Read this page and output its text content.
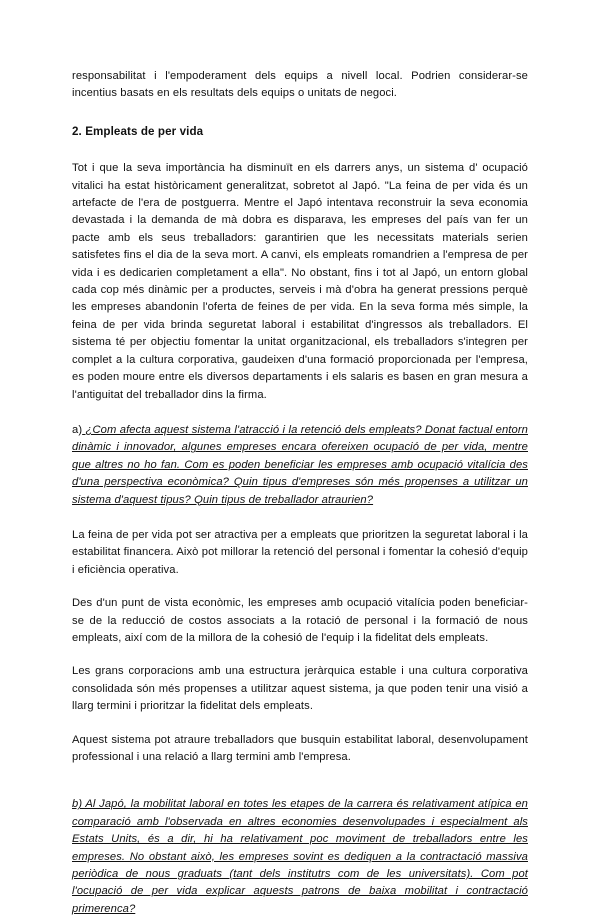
responsabilitat i l'empoderament dels equips a nivell local. Podrien considerar-se incentius basats en els resultats dels equips o unitats de negoci.

2. Empleats de per vida

Tot i que la seva importància ha disminuït en els darrers anys, un sistema d' ocupació vitalici ha estat històricament generalitzat, sobretot al Japó. "La feina de per vida és un artefacte de l'era de postguerra. Mentre el Japó intentava reconstruir la seva economia devastada i la demanda de mà dobra es disparava, les empreses del país van fer un pacte amb els seus treballadors: garantirien que les necessitats materials serien satisfetes fins el dia de la seva mort. A canvi, els empleats romandrien a l'empresa de per vida i es dedicarien completament a ella". No obstant, fins i tot al Japó, un entorn global cada cop més dinàmic per a productes, serveis i mà d'obra ha generat pressions perquè les empreses abandonin l'oferta de feines de per vida. En la seva forma més simple, la feina de per vida brinda seguretat laboral i estabilitat d'ingressos als treballadors. El sistema té per objectiu fomentar la unitat organitzacional, els treballadors s'integren per complet a la cultura corporativa, gaudeixen d'una formació proporcionada per l'empresa, es poden moure entre els diversos departaments i els salaris es basen en gran mesura a l'antiguitat del treballador dins la firma.

a) ¿Com afecta aquest sistema l'atracció i la retenció dels empleats? Donat factual entorn dinàmic i innovador, algunes empreses encara ofereixen ocupació de per vida, mentre que altres no ho fan. Com es poden beneficiar les empreses amb ocupació vitalícia des d'una perspectiva econòmica? Quin tipus d'empreses són més propenses a utilitzar un sistema d'aquest tipus? Quin tipus de treballador atraurien?

La feina de per vida pot ser atractiva per a empleats que prioritzen la seguretat laboral i la estabilitat financera. Això pot millorar la retenció del personal i fomentar la cohesió d'equip i eficiència operativa.

Des d'un punt de vista econòmic, les empreses amb ocupació vitalícia poden beneficiar-se de la reducció de costos associats a la rotació de personal i la formació de nous empleats, així com de la millora de la cohesió de l'equip i la fidelitat dels empleats.

Les grans corporacions amb una estructura jeràrquica estable i una cultura corporativa consolidada són més propenses a utilitzar aquest sistema, ja que poden tenir una visió a llarg termini i prioritzar la fidelitat dels empleats.

Aquest sistema pot atraure treballadors que busquin estabilitat laboral, desenvolupament professional i una relació a llarg termini amb l'empresa.

b) Al Japó, la mobilitat laboral en totes les etapes de la carrera és relativament atípica en comparació amb l'observada en altres economies desenvolupades i especialment als Estats Units, és a dir, hi ha relativament poc moviment de treballadors entre les empreses. No obstant això, les empreses sovint es dediquen a la contractació massiva periòdica de nous graduats (tant dels institutrs com de les universitats). Com pot l'ocupació de per vida explicar aquests patrons de baixa mobilitat i contractació primerenca?
